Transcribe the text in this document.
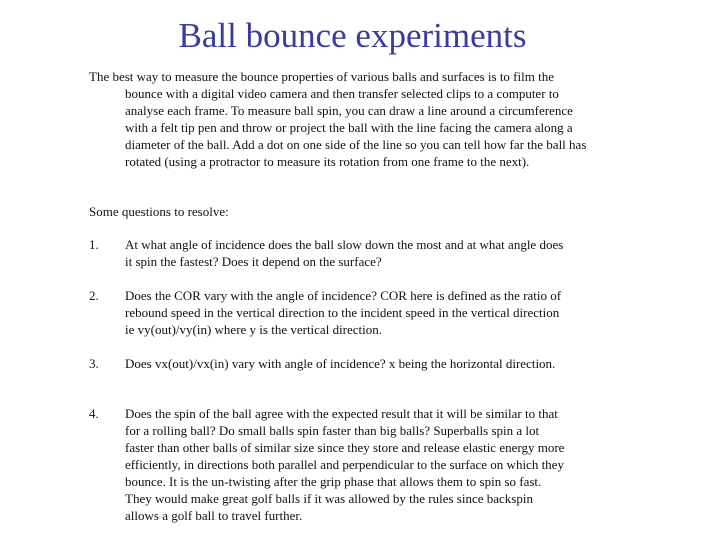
Ball bounce experiments

The best way to measure the bounce properties of various balls and surfaces is to film the bounce with a digital video camera and then transfer selected clips to a computer to analyse each frame. To measure ball spin, you can draw a line around a circumference with a felt tip pen and throw or project the ball with the line facing the camera along a diameter of the ball. Add a dot on one side of the line so you can tell how far the ball has rotated (using a protractor to measure its rotation from one frame to the next).

Some questions to resolve:

1.	At what angle of incidence does the ball slow down the most and at what angle does it spin the fastest? Does it depend on the surface?
2.	Does the COR vary with the angle of incidence? COR here is defined as the ratio of rebound speed in the vertical direction to the incident speed in the vertical direction ie vy(out)/vy(in) where y is the vertical direction.
3.	Does vx(out)/vx(in) vary with angle of incidence? x being the horizontal direction.
4.	Does the spin of the ball agree with the expected result that it will be similar to that for a rolling ball? Do small balls spin faster than big balls? Superballs spin a lot faster than other balls of similar size since they store and release elastic energy more efficiently, in directions both parallel and perpendicular to the surface on which they bounce. It is the un-twisting after the grip phase that allows them to spin so fast. They would make great golf balls if it was allowed by the rules since backspin allows a golf ball to travel further.
